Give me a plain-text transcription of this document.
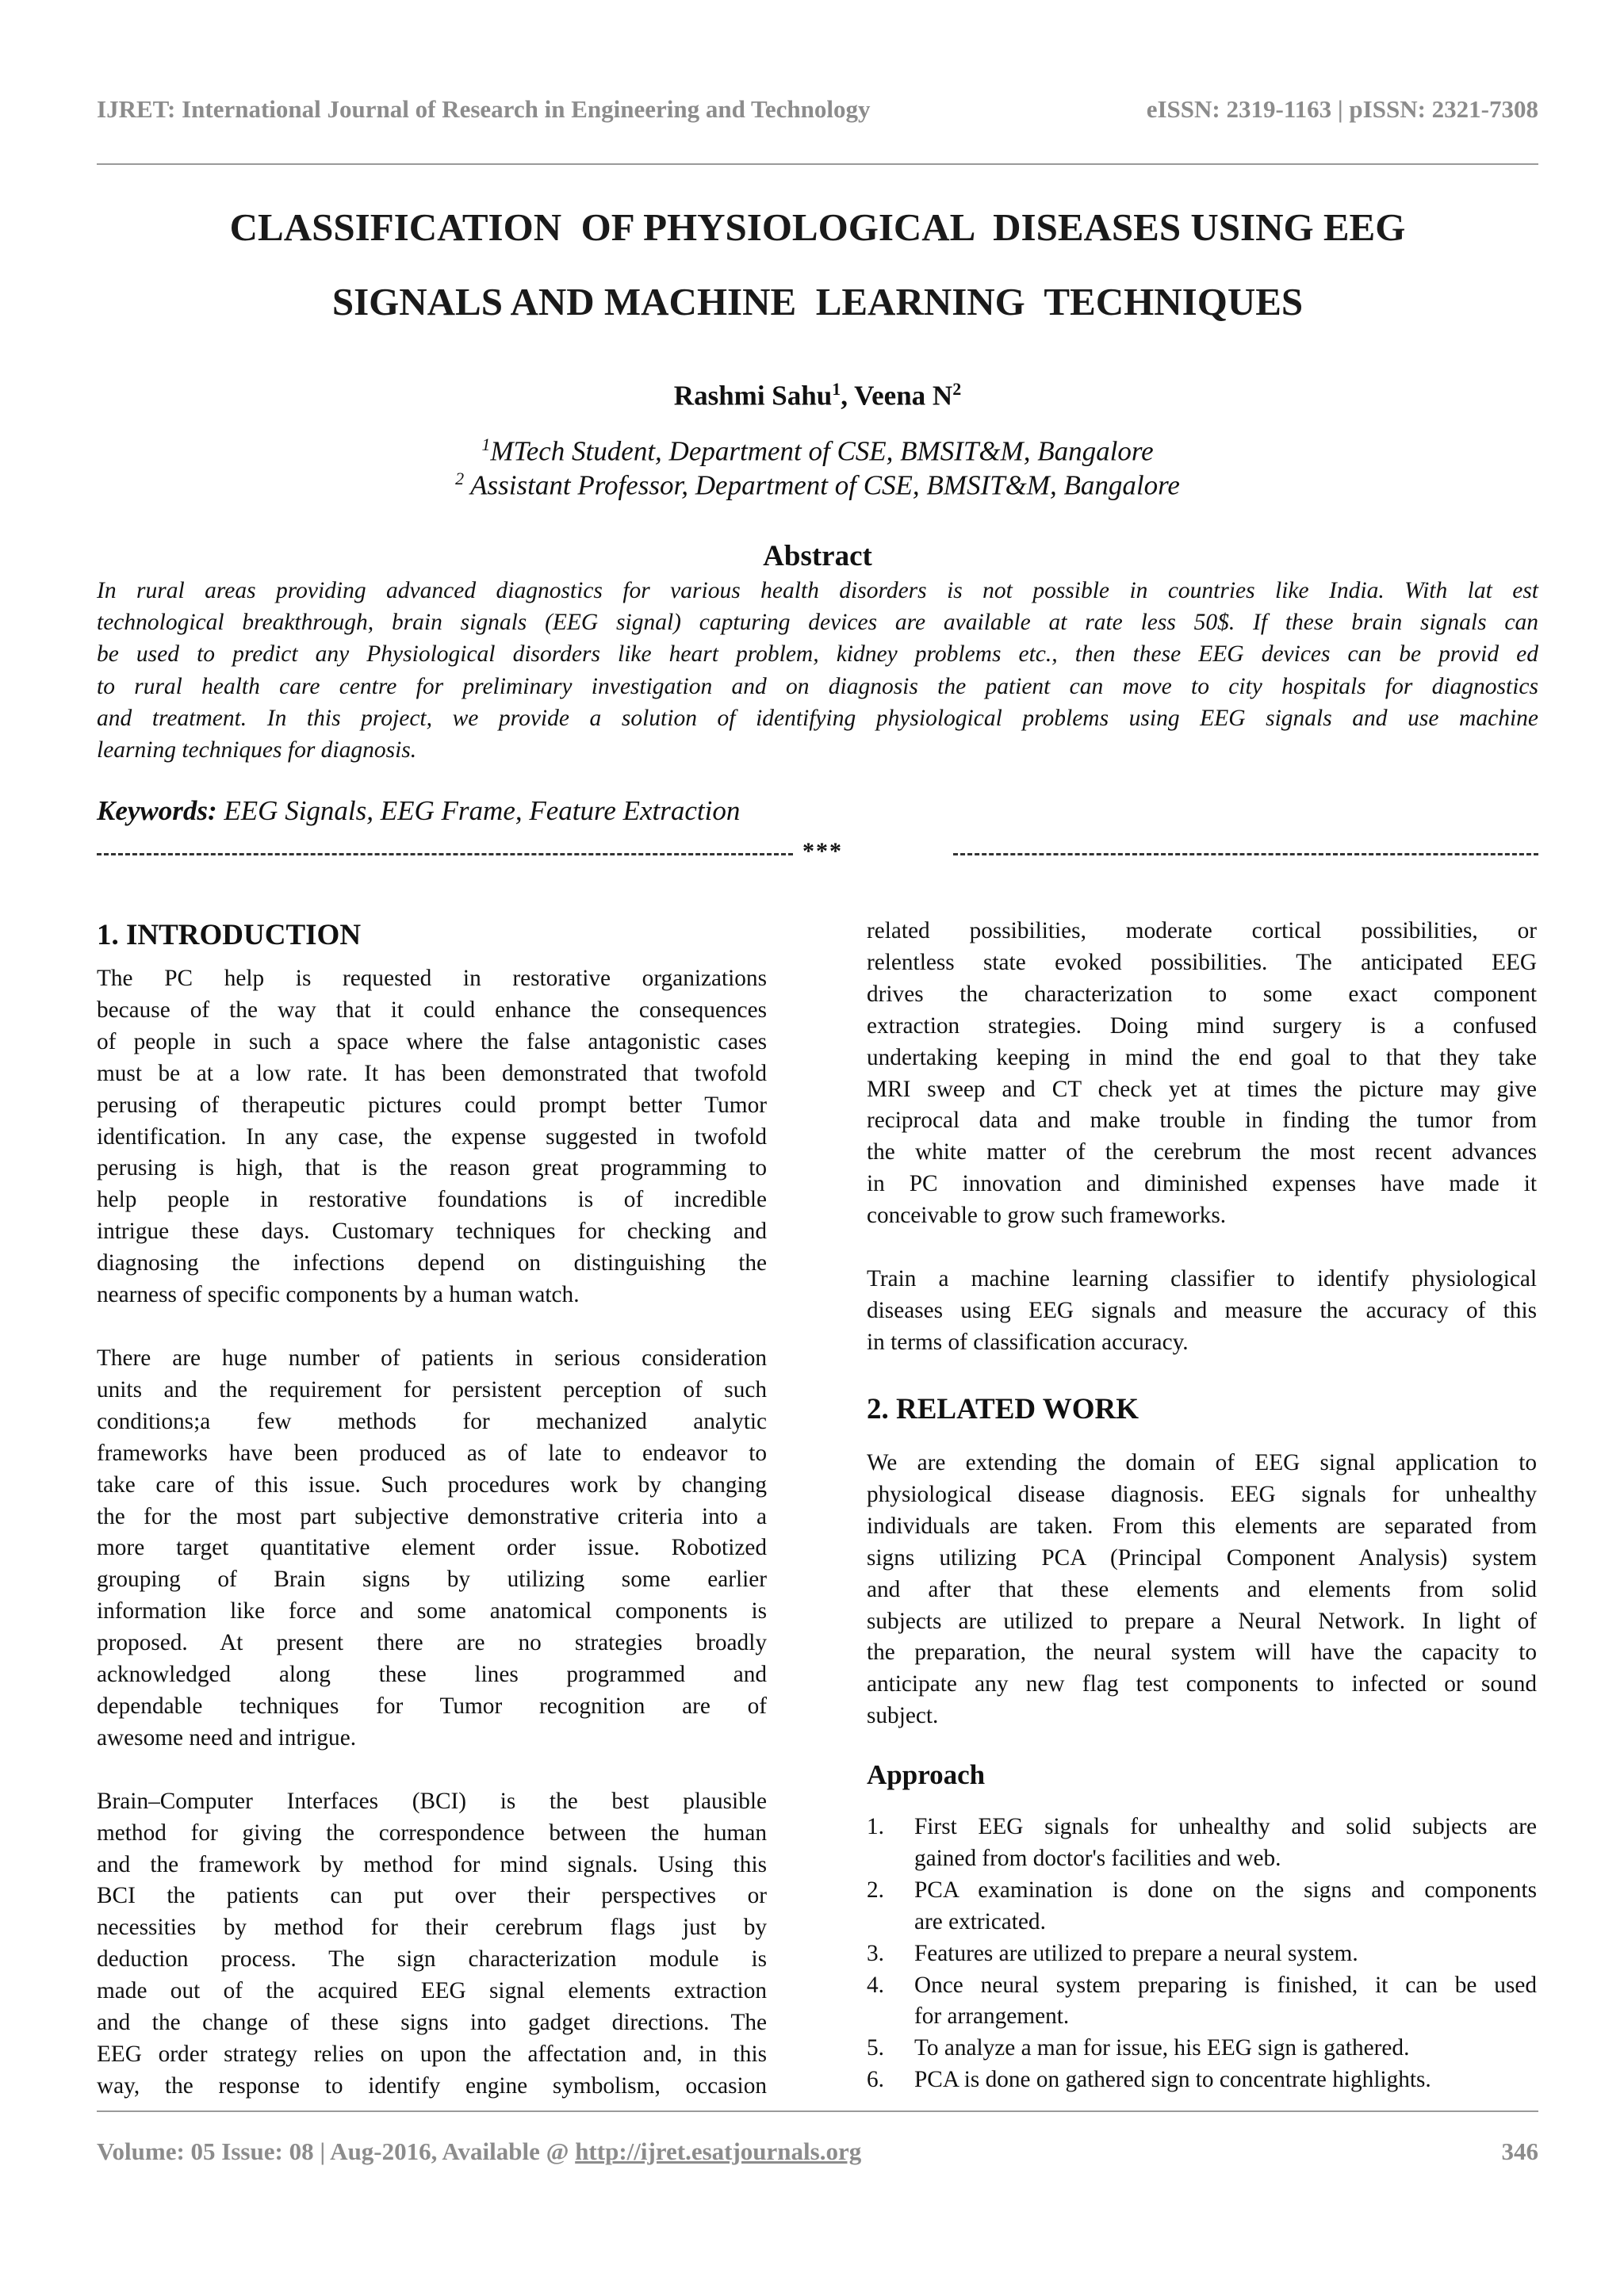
IJRET: International Journal of Research in Engineering and Technology	eISSN: 2319-1163 | pISSN: 2321-7308
CLASSIFICATION  OF PHYSIOLOGICAL  DISEASES USING EEG
SIGNALS AND MACHINE  LEARNING  TECHNIQUES
Rashmi Sahu$^1$, Veena $N^2$
$^1$MTech Student, Department of CSE, BMSIT&M, Bangalore
$^2$ Assistant Professor, Department of CSE, BMSIT&M, Bangalore
Abstract
In rural areas providing advanced diagnostics for various health disorders is not possible in countries like India. With lat est
technological breakthrough, brain signals (EEG signal) capturing devices are available at rate less 50$. If these brain signals can
be used to predict any Physiological disorders like heart problem, kidney problems etc., then these EEG devices can be provid ed
to rural health care centre for preliminary investigation and on diagnosis the patient can move to city hospitals for diagnostics
and treatment. In this project, we provide a solution of identifying physiological problems using EEG signals and use machine
learning techniques for diagnosis.
Keywords: EEG Signals, EEG Frame, Feature Extraction
***
1. INTRODUCTION

The PC help is requested in restorative organizations
because of the way that it could enhance the consequences
of people in such a space where the false antagonistic cases
must be at a low rate. It has been demonstrated that twofold
perusing of therapeutic pictures could prompt better Tumor
identification. In any case, the expense suggested in twofold
perusing is high, that is the reason great programming to
help people in restorative foundations is of incredible
intrigue these days. Customary techniques for checking and
diagnosing the infections depend on distinguishing the
nearness of specific components by a human watch.

There are huge number of patients in serious consideration
units and the requirement for persistent perception of such
conditions;a few methods for mechanized analytic
frameworks have been produced as of late to endeavor to
take care of this issue. Such procedures work by changing
the for the most part subjective demonstrative criteria into a
more target quantitative element order issue. Robotized
grouping of Brain signs by utilizing some earlier
information like force and some anatomical components is
proposed. At present there are no strategies broadly
acknowledged along these lines programmed and
dependable techniques for Tumor recognition are of
awesome need and intrigue.

Brain–Computer Interfaces (BCI) is the best plausible
method for giving the correspondence between the human
and the framework by method for mind signals. Using this
BCI the patients can put over their perspectives or
necessities by method for their cerebrum flags just by
deduction process. The sign characterization module is
made out of the acquired EEG signal elements extraction
and the change of these signs into gadget directions. The
EEG order strategy relies on upon the affectation and, in this
way, the response to identify engine symbolism, occasion

related possibilities, moderate cortical possibilities, or
relentless state evoked possibilities. The anticipated EEG
drives the characterization to some exact component
extraction strategies. Doing mind surgery is a confused
undertaking keeping in mind the end goal to that they take
MRI sweep and CT check yet at times the picture may give
reciprocal data and make trouble in finding the tumor from
the white matter of the cerebrum the most recent advances
in PC innovation and diminished expenses have made it
conceivable to grow such frameworks.

Train a machine learning classifier to identify physiological
diseases using EEG signals and measure the accuracy of this
in terms of classification accuracy.

2. RELATED WORK

We are extending the domain of EEG signal application to
physiological disease diagnosis. EEG signals for unhealthy
individuals are taken. From this elements are separated from
signs utilizing PCA (Principal Component Analysis) system
and after that these elements and elements from solid
subjects are utilized to prepare a Neural Network. In light of
the preparation, the neural system will have the capacity to
anticipate any new flag test components to infected or sound
subject.

Approach
1. First EEG signals for unhealthy and solid subjects are
gained from doctor's facilities and web.
2. PCA examination is done on the signs and components
are extricated.
3. Features are utilized to prepare a neural system.
4. Once neural system preparing is finished, it can be used
for arrangement.
5. To analyze a man for issue, his EEG sign is gathered.
6. PCA is done on gathered sign to concentrate highlights.
Volume: 05 Issue: 08 | Aug-2016, Available @ http://ijret.esatjournals.org	346
